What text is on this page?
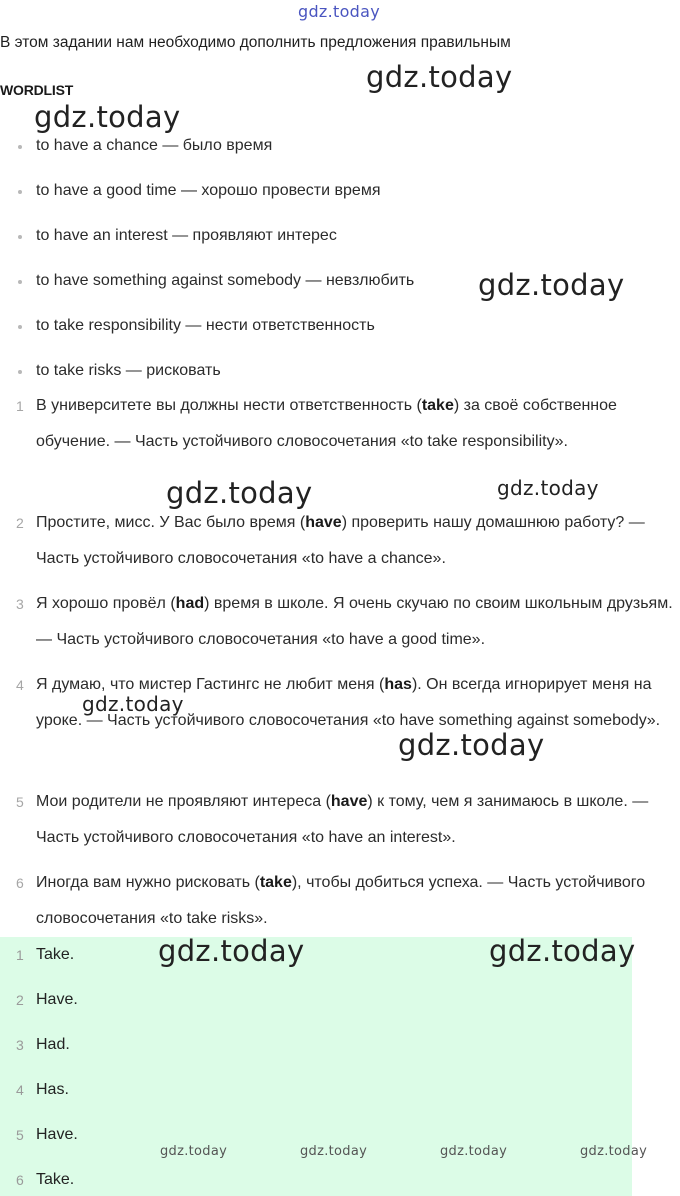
gdz.today
gdz.today
gdz.today
В этом задании нам необходимо дополнить предложения правильным
WORDLIST
to have a chance — было время
to have a good time — хорошо провести время
to have an interest — проявляют интерес
to have something against somebody — невзлюбить
to take responsibility — нести ответственность
to take risks — рисковать
gdz.today
1 В университете вы должны нести ответственность (take) за своё собственное обучение. — Часть устойчивого словосочетания «to take responsibility».
2 Простите, мисс. У Вас было время (have) проверить нашу домашнюю работу? — Часть устойчивого словосочетания «to have a chance».
3 Я хорошо провёл (had) время в школе. Я очень скучаю по своим школьным друзьям. — Часть устойчивого словосочетания «to have a good time».
4 Я думаю, что мистер Гастингс не любит меня (has). Он всегда игнорирует меня на уроке. — Часть устойчивого словосочетания «to have something against somebody».
5 Мои родители не проявляют интереса (have) к тому, чем я занимаюсь в школе. — Часть устойчивого словосочетания «to have an interest».
6 Иногда вам нужно рисковать (take), чтобы добиться успеха. — Часть устойчивого словосочетания «to take risks».
gdz.today	gdz.today
gdz.today
gdz.today
1 Take.
2 Have.
3 Had.
4 Has.
5 Have.
6 Take.
gdz.today	gdz.today
gdz.today	gdz.today	gdz.today	gdz.today
